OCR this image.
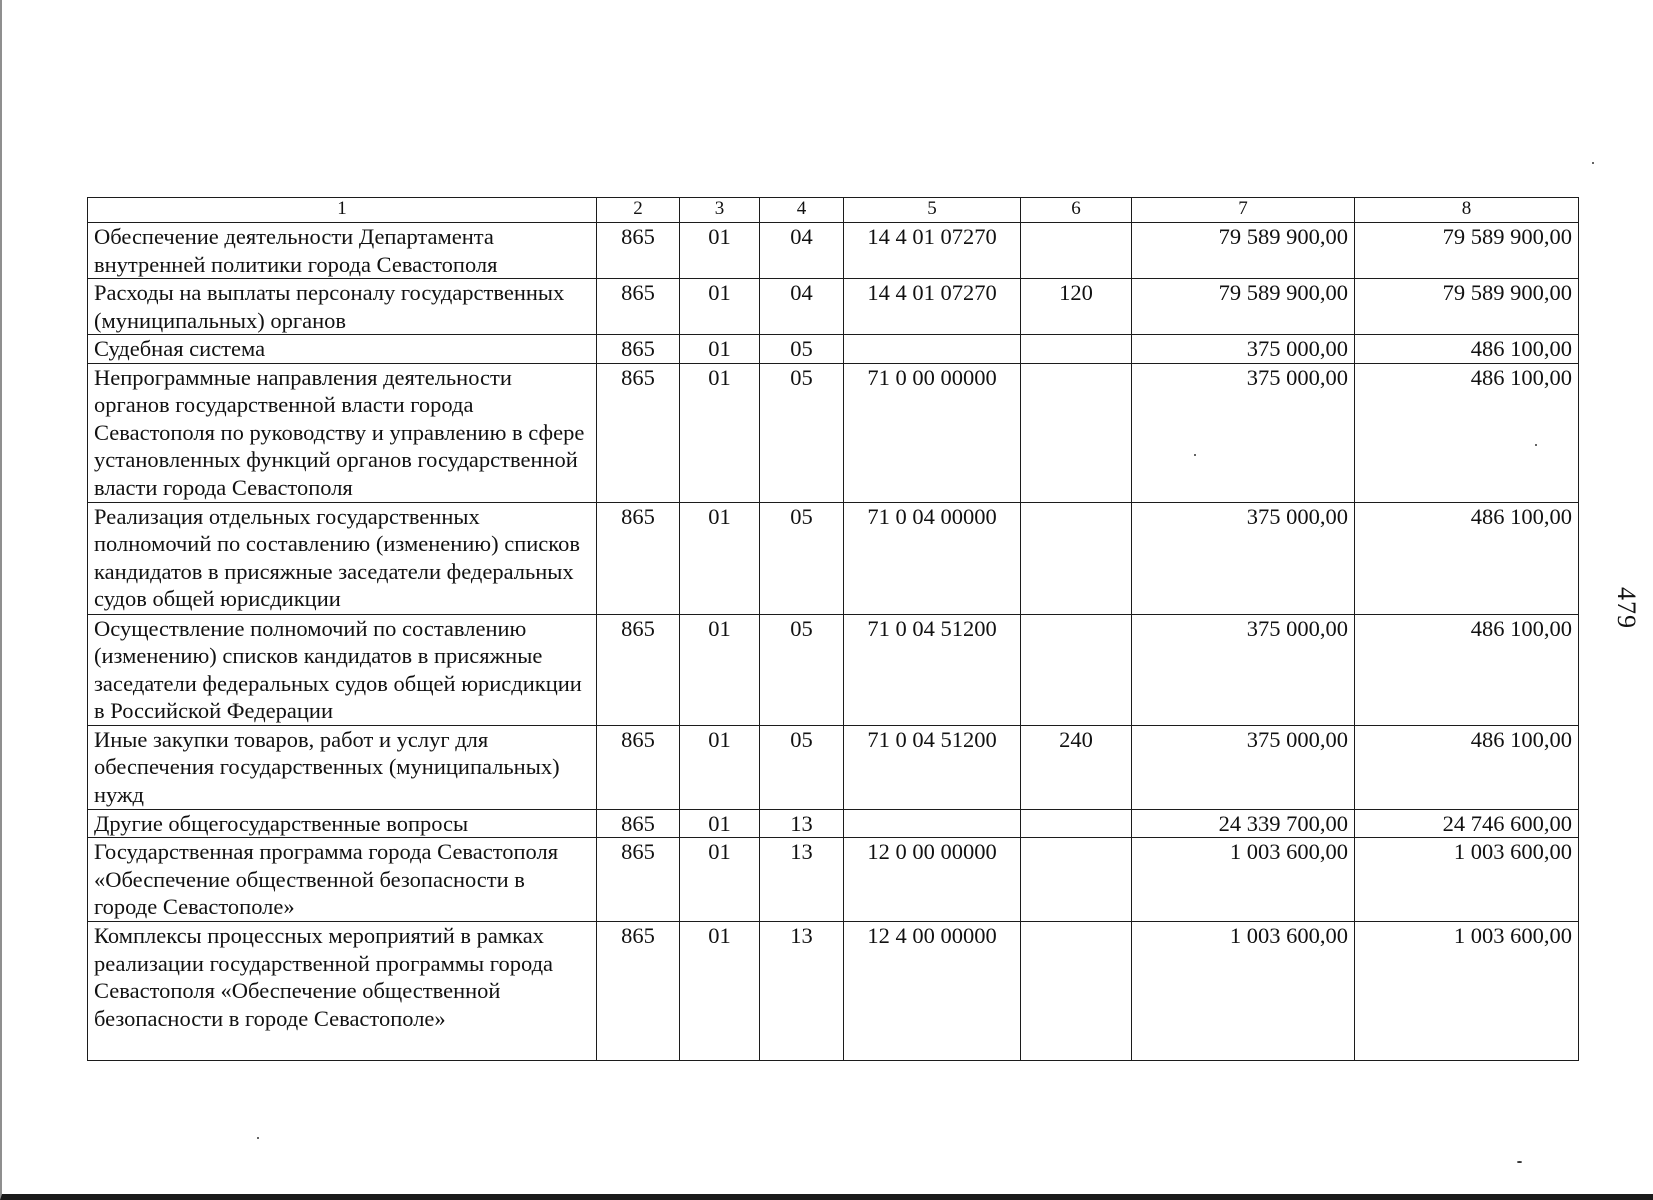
1	2	3	4	5	6	7	8
Обеспечение деятельности Департамента внутренней политики города Севастополя	865	01	04	14 4 01 07270		79 589 900,00	79 589 900,00
Расходы на выплаты персоналу государственных (муниципальных) органов	865	01	04	14 4 01 07270	120	79 589 900,00	79 589 900,00
Судебная система	865	01	05			375 000,00	486 100,00
Непрограммные направления деятельности органов государственной власти города Севастополя по руководству и управлению в сфере установленных функций органов государственной власти города Севастополя	865	01	05	71 0 00 00000		375 000,00	486 100,00
Реализация отдельных государственных полномочий по составлению (изменению) списков кандидатов в присяжные заседатели федеральных судов общей юрисдикции	865	01	05	71 0 04 00000		375 000,00	486 100,00
Осуществление полномочий по составлению (изменению) списков кандидатов в присяжные заседатели федеральных судов общей юрисдикции в Российской Федерации	865	01	05	71 0 04 51200		375 000,00	486 100,00
Иные закупки товаров, работ и услуг для обеспечения государственных (муниципальных) нужд	865	01	05	71 0 04 51200	240	375 000,00	486 100,00
Другие общегосударственные вопросы	865	01	13			24 339 700,00	24 746 600,00
Государственная программа города Севастополя «Обеспечение общественной безопасности в городе Севастополе»	865	01	13	12 0 00 00000		1 003 600,00	1 003 600,00
Комплексы процессных мероприятий в рамках реализации государственной программы города Севастополя «Обеспечение общественной безопасности в городе Севастополе»	865	01	13	12 4 00 00000		1 003 600,00	1 003 600,00
479
